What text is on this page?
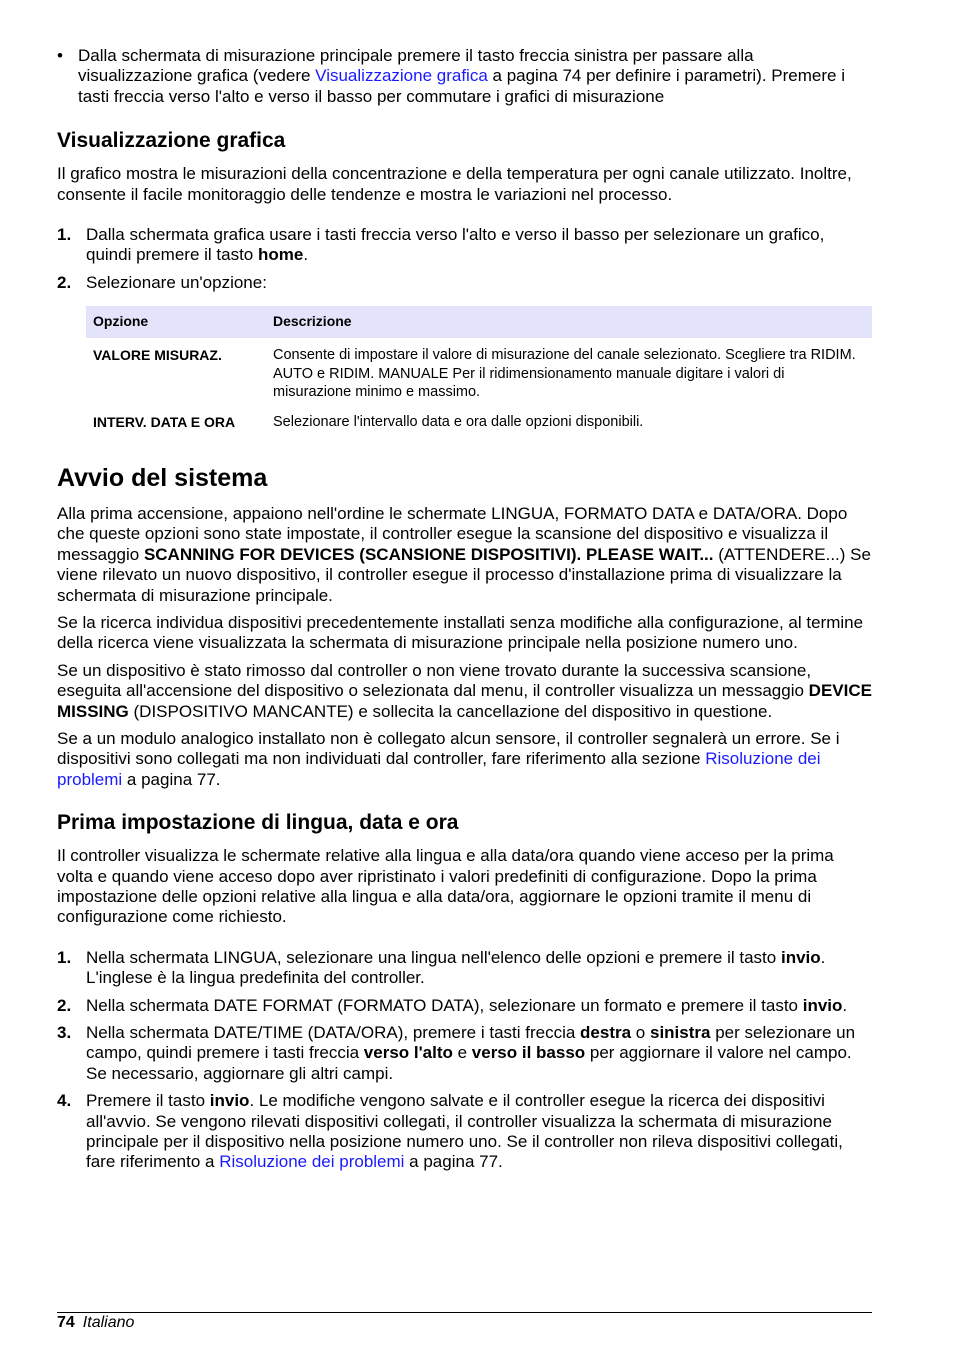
• Dalla schermata di misurazione principale premere il tasto freccia sinistra per passare alla visualizzazione grafica (vedere Visualizzazione grafica a pagina 74 per definire i parametri). Premere i tasti freccia verso l'alto e verso il basso per commutare i grafici di misurazione
Visualizzazione grafica

Il grafico mostra le misurazioni della concentrazione e della temperatura per ogni canale utilizzato. Inoltre, consente il facile monitoraggio delle tendenze e mostra le variazioni nel processo.

1. Dalla schermata grafica usare i tasti freccia verso l'alto e verso il basso per selezionare un grafico, quindi premere il tasto home.
2. Selezionare un'opzione:
Opzione	Descrizione
VALORE MISURAZ.	Consente di impostare il valore di misurazione del canale selezionato. Scegliere tra RIDIM. AUTO e RIDIM. MANUALE Per il ridimensionamento manuale digitare i valori di misurazione minimo e massimo.
INTERV. DATA E ORA	Selezionare l'intervallo data e ora dalle opzioni disponibili.
Avvio del sistema

Alla prima accensione, appaiono nell'ordine le schermate LINGUA, FORMATO DATA e DATA/ORA. Dopo che queste opzioni sono state impostate, il controller esegue la scansione del dispositivo e visualizza il messaggio SCANNING FOR DEVICES (SCANSIONE DISPOSITIVI). PLEASE WAIT... (ATTENDERE...) Se viene rilevato un nuovo dispositivo, il controller esegue il processo d'installazione prima di visualizzare la schermata di misurazione principale.

Se la ricerca individua dispositivi precedentemente installati senza modifiche alla configurazione, al termine della ricerca viene visualizzata la schermata di misurazione principale nella posizione numero uno.

Se un dispositivo è stato rimosso dal controller o non viene trovato durante la successiva scansione, eseguita all'accensione del dispositivo o selezionata dal menu, il controller visualizza un messaggio DEVICE MISSING (DISPOSITIVO MANCANTE) e sollecita la cancellazione del dispositivo in questione.

Se a un modulo analogico installato non è collegato alcun sensore, il controller segnalerà un errore. Se i dispositivi sono collegati ma non individuati dal controller, fare riferimento alla sezione Risoluzione dei problemi a pagina 77.

Prima impostazione di lingua, data e ora

Il controller visualizza le schermate relative alla lingua e alla data/ora quando viene acceso per la prima volta e quando viene acceso dopo aver ripristinato i valori predefiniti di configurazione. Dopo la prima impostazione delle opzioni relative alla lingua e alla data/ora, aggiornare le opzioni tramite il menu di configurazione come richiesto.

1. Nella schermata LINGUA, selezionare una lingua nell'elenco delle opzioni e premere il tasto invio. L'inglese è la lingua predefinita del controller.
2. Nella schermata DATE FORMAT (FORMATO DATA), selezionare un formato e premere il tasto invio.
3. Nella schermata DATE/TIME (DATA/ORA), premere i tasti freccia destra o sinistra per selezionare un campo, quindi premere i tasti freccia verso l'alto e verso il basso per aggiornare il valore nel campo. Se necessario, aggiornare gli altri campi.
4. Premere il tasto invio. Le modifiche vengono salvate e il controller esegue la ricerca dei dispositivi all'avvio. Se vengono rilevati dispositivi collegati, il controller visualizza la schermata di misurazione principale per il dispositivo nella posizione numero uno. Se il controller non rileva dispositivi collegati, fare riferimento a Risoluzione dei problemi a pagina 77.
74 Italiano
